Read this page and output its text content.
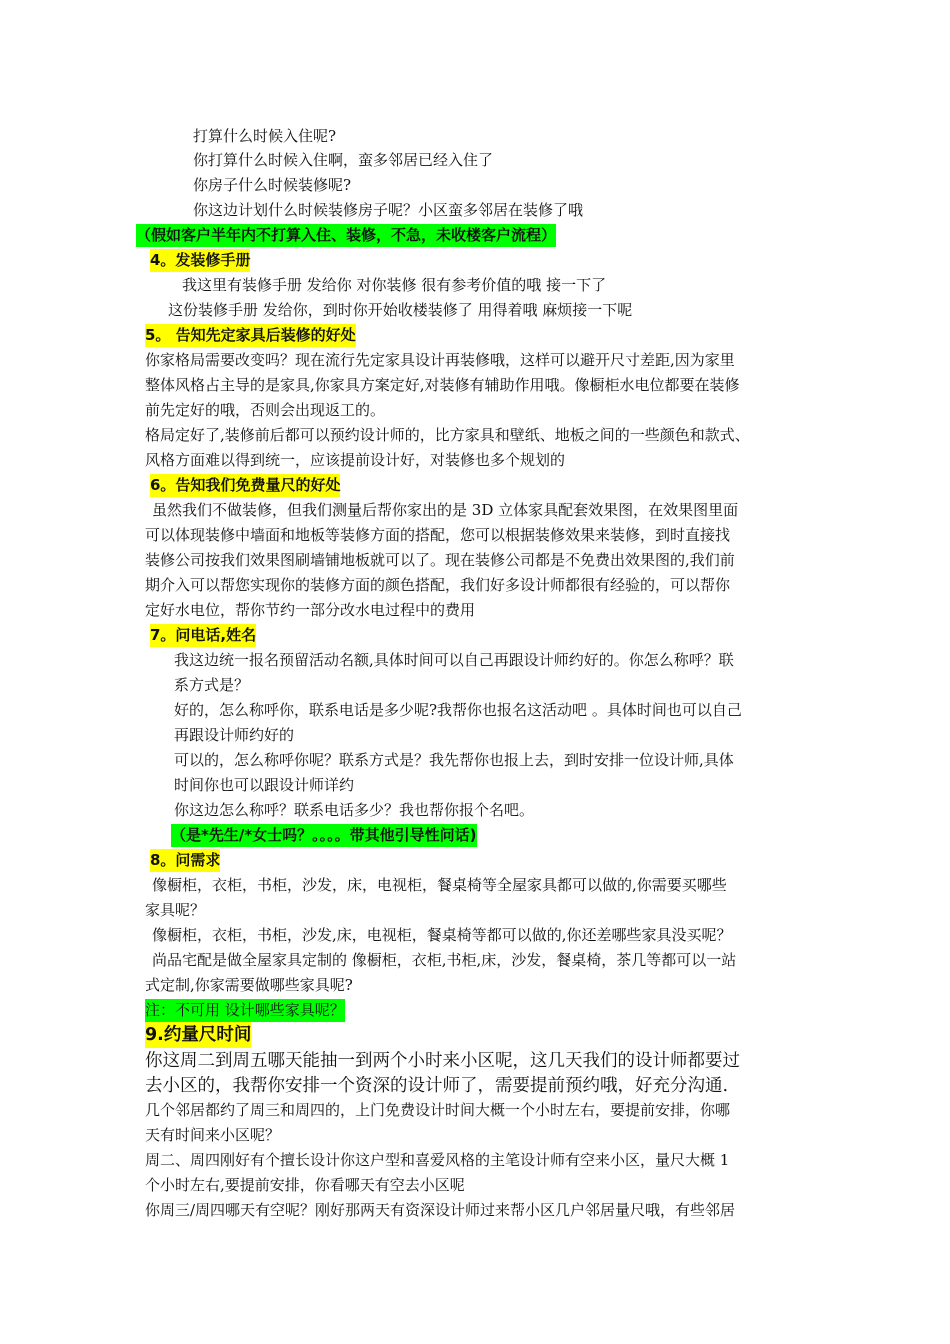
打算什么时候入住呢?
你打算什么时候入住啊，蛮多邻居已经入住了
你房子什么时候装修呢?
你这边计划什么时候装修房子呢？小区蛮多邻居在装修了哦
（假如客户半年内不打算入住、装修，不急，未收楼客户流程）
4。发装修手册
我这里有装修手册 发给你 对你装修 很有参考价值的哦 接一下了
这份装修手册 发给你，到时你开始收楼装修了 用得着哦 麻烦接一下呢
5。 告知先定家具后装修的好处
你家格局需要改变吗？现在流行先定家具设计再装修哦，这样可以避开尺寸差距,因为家里
整体风格占主导的是家具,你家具方案定好,对装修有辅助作用哦。像橱柜水电位都要在装修
前先定好的哦，否则会出现返工的。
格局定好了,装修前后都可以预约设计师的，比方家具和壁纸、地板之间的一些颜色和款式、
风格方面难以得到统一，应该提前设计好，对装修也多个规划的
6。告知我们免费量尺的好处
虽然我们不做装修，但我们测量后帮你家出的是 3D 立体家具配套效果图，在效果图里面
可以体现装修中墙面和地板等装修方面的搭配，您可以根据装修效果来装修，到时直接找
装修公司按我们效果图刷墙铺地板就可以了。现在装修公司都是不免费出效果图的,我们前
期介入可以帮您实现你的装修方面的颜色搭配，我们好多设计师都很有经验的，可以帮你
定好水电位，帮你节约一部分改水电过程中的费用
7。问电话,姓名
我这边统一报名预留活动名额,具体时间可以自己再跟设计师约好的。你怎么称呼？联
系方式是？
好的，怎么称呼你，联系电话是多少呢?我帮你也报名这活动吧 。具体时间也可以自己
再跟设计师约好的
可以的，怎么称呼你呢？联系方式是？我先帮你也报上去，到时安排一位设计师,具体
时间你也可以跟设计师详约
你这边怎么称呼？联系电话多少？我也帮你报个名吧。
（是*先生/*女士吗？。。。。带其他引导性问话)
8。问需求
像橱柜，衣柜，书柜，沙发，床，电视柜，餐桌椅等全屋家具都可以做的,你需要买哪些
家具呢？
像橱柜，衣柜，书柜，沙发,床，电视柜，餐桌椅等都可以做的,你还差哪些家具没买呢？
尚品宅配是做全屋家具定制的 像橱柜，衣柜,书柜,床，沙发，餐桌椅，茶几等都可以一站
式定制,你家需要做哪些家具呢?
注：不可用 设计哪些家具呢？
9.约量尺时间
你这周二到周五哪天能抽一到两个小时来小区呢，这几天我们的设计师都要过
去小区的，我帮你安排一个资深的设计师了，需要提前预约哦，好充分沟通.
几个邻居都约了周三和周四的，上门免费设计时间大概一个小时左右，要提前安排，你哪
天有时间来小区呢？
周二、周四刚好有个擅长设计你这户型和喜爱风格的主笔设计师有空来小区，量尺大概 1
个小时左右,要提前安排，你看哪天有空去小区呢
你周三/周四哪天有空呢？刚好那两天有资深设计师过来帮小区几户邻居量尺哦，有些邻居
